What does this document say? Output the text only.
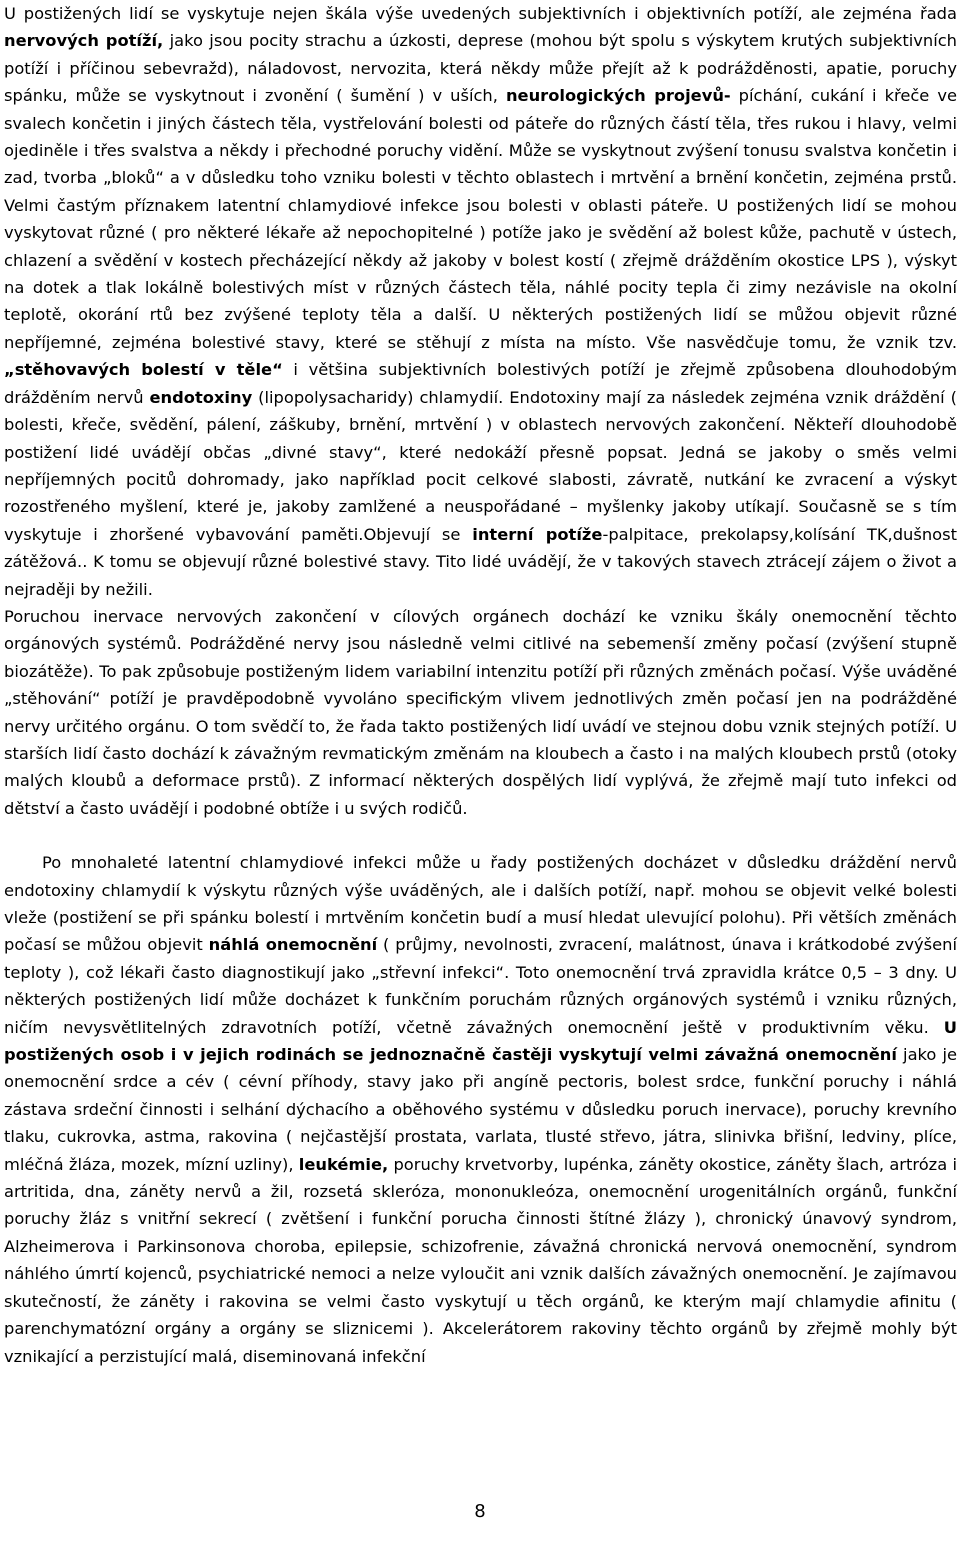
U postižených lidí se vyskytuje nejen škála výše uvedených subjektivních i objektivních potíží, ale zejména řada nervových potíží, jako jsou pocity strachu a úzkosti, deprese (mohou být spolu s výskytem krutých subjektivních potíží i příčinou sebevražd), náladovost, nervozita, která někdy může přejít až k podrážděnosti, apatie, poruchy spánku, může se vyskytnout i zvonění ( šumění ) v uších, neurologických projevů- píchání, cukání i křeče ve svalech končetin i jiných částech těla, vystřelování bolesti od páteře do různých částí těla, třes rukou i hlavy, velmi ojediněle i třes svalstva a někdy i přechodné poruchy vidění. Může se vyskytnout zvýšení tonusu svalstva končetin i zad, tvorba „bloků“ a v důsledku toho vzniku bolesti v těchto oblastech i mrtvění a brnění končetin, zejména prstů. Velmi častým příznakem latentní chlamydiové infekce jsou bolesti v oblasti páteře. U postižených lidí se mohou vyskytovat různé ( pro některé lékaře až nepochopitelné ) potíže jako je svědění až bolest kůže, pachutě v ústech, chlazení a svědění v kostech přecházející někdy až jakoby v bolest kostí ( zřejmě drážděním okostice LPS ), výskyt na dotek a tlak lokálně bolestivých míst v různých částech těla, náhlé pocity tepla či zimy nezávisle na okolní teplotě, okorání rtů bez zvýšené teploty těla a další. U některých postižených lidí se můžou objevit různé nepříjemné, zejména bolestivé stavy, které se stěhují z místa na místo. Vše nasvědčuje tomu, že vznik tzv. „stěhovavých bolestí v těle“ i většina subjektivních bolestivých potíží je zřejmě způsobena dlouhodobým drážděním nervů endotoxiny (lipopolysacharidy) chlamydií. Endotoxiny mají za následek zejména vznik dráždění ( bolesti, křeče, svědění, pálení, záškuby, brnění, mrtvění ) v oblastech nervových zakončení. Někteří dlouhodobě postižení lidé uvádějí občas „divné stavy“, které nedokáží přesně popsat. Jedná se jakoby o směs velmi nepříjemných pocitů dohromady, jako například pocit celkové slabosti, závratě, nutkání ke zvracení a výskyt rozostřeného myšlení, které je, jakoby zamlžené a neuspořádané – myšlenky jakoby utíkají. Současně se s tím vyskytuje i zhoršené vybavování paměti.Objevují se interní potíže-palpitace, prekolapsy,kolísání TK,dušnost zátěžová.. K tomu se objevují různé bolestivé stavy. Tito lidé uvádějí, že v takových stavech ztrácejí zájem o život a nejraději by nežili.

Poruchou inervace nervových zakončení v cílových orgánech dochází ke vzniku škály onemocnění těchto orgánových systémů. Podrážděné nervy jsou následně velmi citlivé na sebemenší změny počasí (zvýšení stupně biozátěže). To pak způsobuje postiženým lidem variabilní intenzitu potíží při různých změnách počasí. Výše uváděné „stěhování“ potíží je pravděpodobně vyvoláno specifickým vlivem jednotlivých změn počasí jen na podrážděné nervy určitého orgánu. O tom svědčí to, že řada takto postižených lidí uvádí ve stejnou dobu vznik stejných potíží. U starších lidí často dochází k závažným revmatickým změnám na kloubech a často i na malých kloubech prstů (otoky malých kloubů a deformace prstů). Z informací některých dospělých lidí vyplývá, že zřejmě mají tuto infekci od dětství a často uvádějí i podobné obtíže i u svých rodičů.

Po mnohaleté latentní chlamydiové infekci může u řady postižených docházet v důsledku dráždění nervů endotoxiny chlamydií k výskytu různých výše uváděných, ale i dalších potíží, např. mohou se objevit velké bolesti vleže (postižení se při spánku bolestí i mrtvěním končetin budí a musí hledat ulevující polohu). Při větších změnách počasí se můžou objevit náhlá onemocnění ( průjmy, nevolnosti, zvracení, malátnost, únava i krátkodobé zvýšení teploty ), což lékaři často diagnostikují jako „střevní infekci“. Toto onemocnění trvá zpravidla krátce 0,5 – 3 dny. U některých postižených lidí může docházet k funkčním poruchám různých orgánových systémů i vzniku různých, ničím nevysvětlitelných zdravotních potíží, včetně závažných onemocnění ještě v produktivním věku. U postižených osob i v jejich rodinách se jednoznačně častěji vyskytují velmi závažná onemocnění jako je onemocnění srdce a cév ( cévní příhody, stavy jako při angíně pectoris, bolest srdce, funkční poruchy i náhlá zástava srdeční činnosti i selhání dýchacího a oběhového systému v důsledku poruch inervace), poruchy krevního tlaku, cukrovka, astma, rakovina ( nejčastější prostata, varlata, tlusté střevo, játra, slinivka břišní, ledviny, plíce, mléčná žláza, mozek, mízní uzliny), leukémie, poruchy krvetvorby, lupénka, záněty okostice, záněty šlach, artróza i artritida, dna, záněty nervů a žil, rozsetá skleróza, mononukleóza, onemocnění urogenitálních orgánů, funkční poruchy žláz s vnitřní sekrecí ( zvětšení i funkční porucha činnosti štítné žlázy ), chronický únavový syndrom, Alzheimerova i Parkinsonova choroba, epilepsie, schizofrenie, závažná chronická nervová onemocnění, syndrom náhlého úmrtí kojenců, psychiatrické nemoci a nelze vyloučit ani vznik dalších závažných onemocnění. Je zajímavou skutečností, že záněty i rakovina se velmi často vyskytují u těch orgánů, ke kterým mají chlamydie afinitu ( parenchymatózní orgány a orgány se sliznicemi ). Akcelerátorem rakoviny těchto orgánů by zřejmě mohly být vznikající a perzistující malá, diseminovaná infekční

8
